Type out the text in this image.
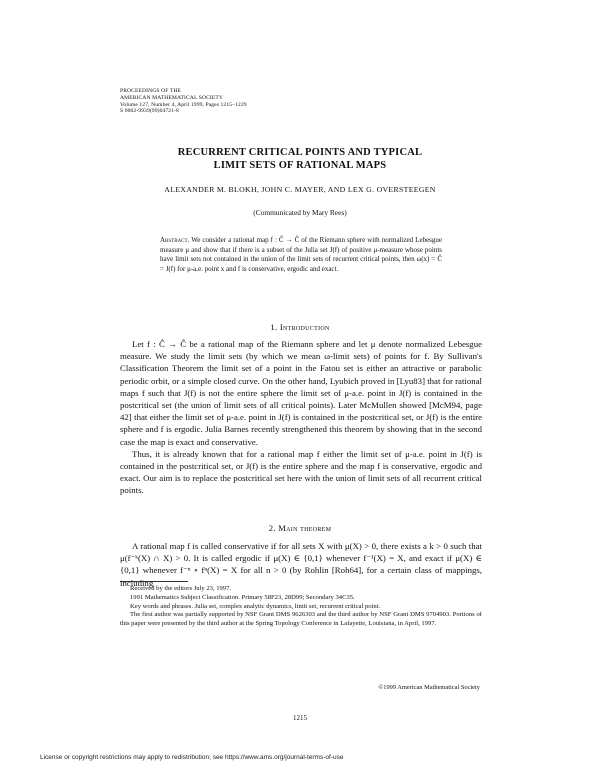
PROCEEDINGS OF THE
AMERICAN MATHEMATICAL SOCIETY
Volume 127, Number 4, April 1999, Pages 1215–1229
S 0002-9939(99)04721-8
RECURRENT CRITICAL POINTS AND TYPICAL
LIMIT SETS OF RATIONAL MAPS
ALEXANDER M. BLOKH, JOHN C. MAYER, AND LEX G. OVERSTEEGEN
(Communicated by Mary Rees)
Abstract. We consider a rational map f : Ĉ → Ĉ of the Riemann sphere with normalized Lebesgue measure μ and show that if there is a subset of the Julia set J(f) of positive μ-measure whose points have limit sets not contained in the union of the limit sets of recurrent critical points, then ω(x) = Ĉ = J(f) for μ-a.e. point x and f is conservative, ergodic and exact.
1. Introduction

Let f : Ĉ → Ĉ be a rational map of the Riemann sphere and let μ denote normalized Lebesgue measure. We study the limit sets (by which we mean ω-limit sets) of points for f. By Sullivan's Classification Theorem the limit set of a point in the Fatou set is either an attractive or parabolic periodic orbit, or a simple closed curve. On the other hand, Lyubich proved in [Lyu83] that for rational maps f such that J(f) is not the entire sphere the limit set of μ-a.e. point in J(f) is contained in the postcritical set (the union of limit sets of all critical points). Later McMullen showed [McM94, page 42] that either the limit set of μ-a.e. point in J(f) is contained in the postcritical set, or J(f) is the entire sphere and f is ergodic. Julia Barnes recently strengthened this theorem by showing that in the second case the map is exact and conservative.

Thus, it is already known that for a rational map f either the limit set of μ-a.e. point in J(f) is contained in the postcritical set, or J(f) is the entire sphere and the map f is conservative, ergodic and exact. Our aim is to replace the postcritical set here with the union of limit sets of all recurrent critical points.

2. Main theorem

A rational map f is called conservative if for all sets X with μ(X) > 0, there exists a k > 0 such that μ(f⁻ᵏ(X) ∩ X) > 0. It is called ergodic if μ(X) ∈ {0,1} whenever f⁻¹(X) = X, and exact if μ(X) ∈ {0,1} whenever f⁻ⁿ ∘ fⁿ(X) = X for all n > 0 (by Rohlin [Roh64], for a certain class of mappings, including

Received by the editors July 23, 1997.

1991 Mathematics Subject Classification. Primary 58F23, 28D99; Secondary 34C35.

Key words and phrases. Julia set, complex analytic dynamics, limit set, recurrent critical point.

The first author was partially supported by NSF Grant DMS 9626303 and the third author by NSF Grant DMS 9704903. Portions of this paper were presented by the third author at the Spring Topology Conference in Lafayette, Louisiana, in April, 1997.

©1999 American Mathematical Society
1215
License or copyright restrictions may apply to redistribution; see https://www.ams.org/journal-terms-of-use
